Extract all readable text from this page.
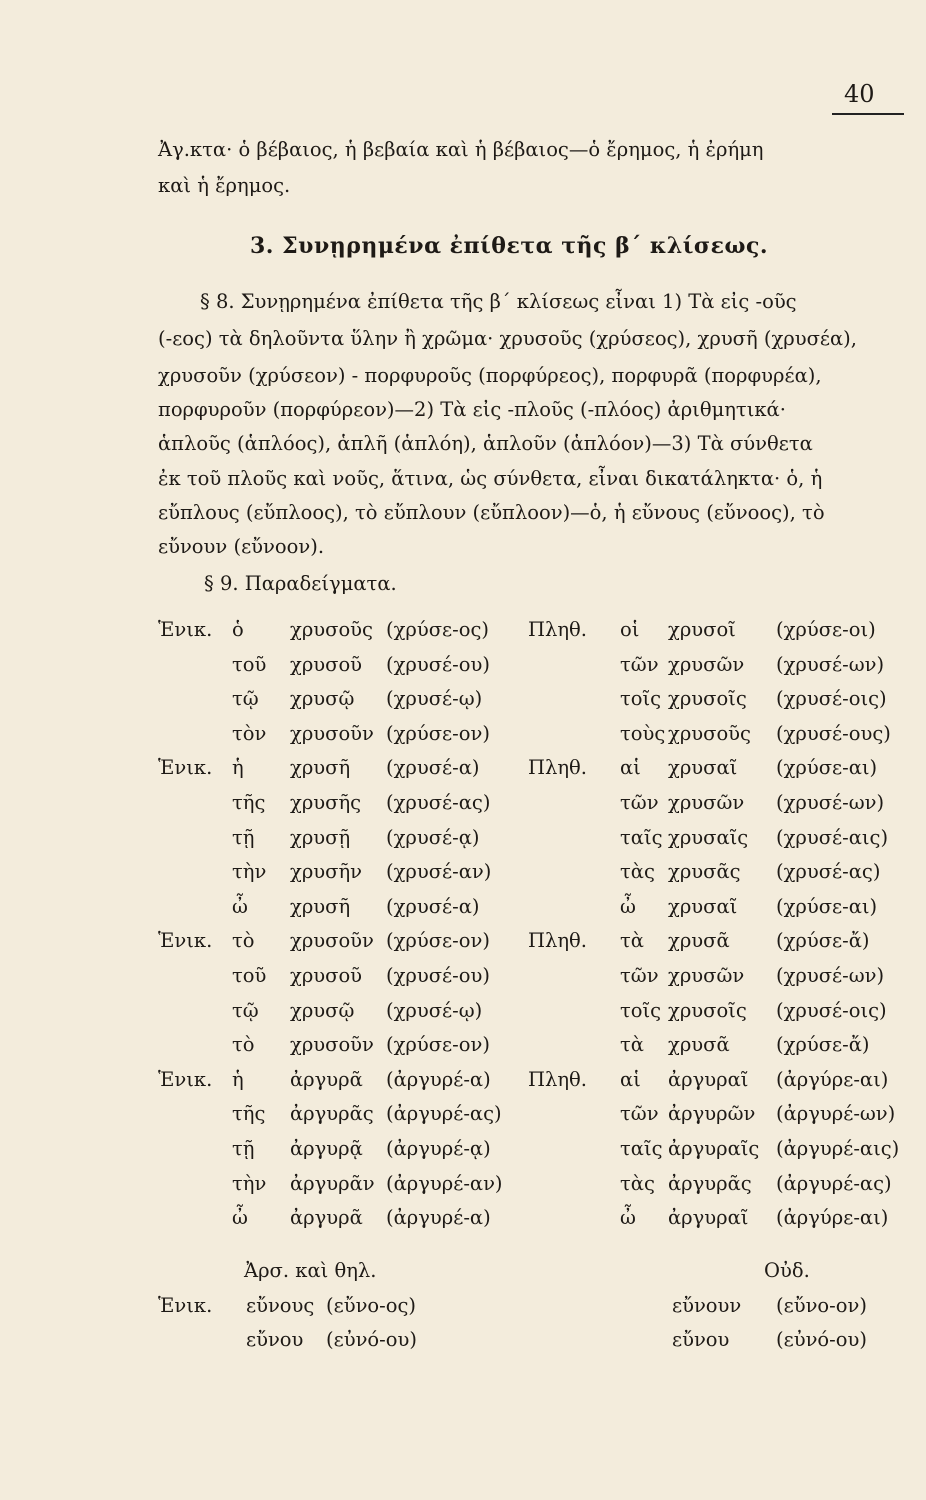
40
Ἀγ.κτα· ὁ βέβαιος, ἡ βεβαία καὶ ἡ βέβαιος—ὁ ἔρημος, ἡ ἐρήμη
καὶ ἡ ἔρημος.
3. Συνῃρημένα ἐπίθετα τῆς β΄ κλίσεως.
§ 8. Συνῃρημένα ἐπίθετα τῆς β΄ κλίσεως εἶναι 1) Τὰ εἰς -οῦς
(-εος) τὰ δηλοῦντα ὕλην ἢ χρῶμα· χρυσοῦς (χρύσεος), χρυσῆ (χρυσέα),
χρυσοῦν (χρύσεον) - πορφυροῦς (πορφύρεος), πορφυρᾶ (πορφυρέα),
πορφυροῦν (πορφύρεον)—2) Τὰ εἰς -πλοῦς (-πλόος) ἀριθμητικά·
ἁπλοῦς (ἁπλόος), ἁπλῆ (ἁπλόη), ἁπλοῦν (ἁπλόον)—3) Τὰ σύνθετα
ἐκ τοῦ πλοῦς καὶ νοῦς, ἅτινα, ὡς σύνθετα, εἶναι δικατάληκτα· ὁ, ἡ
εὔπλους (εὔπλοος), τὸ εὔπλουν (εὔπλοον)—ὁ, ἡ εὔνους (εὔνοος), τὸ
εὔνουν (εὔνοον).
§ 9. Παραδείγματα.
Ἑνικ. ὁ χρυσοῦς (χρύσε-ος) Πληθ. οἱ χρυσοῖ (χρύσε-οι)
τοῦ χρυσοῦ (χρυσέ-ου)	τῶν χρυσῶν (χρυσέ-ων)
τῷ χρυσῷ (χρυσέ-ῳ)	τοῖς χρυσοῖς (χρυσέ-οις)
τὸν χρυσοῦν (χρύσε-ον)	τοὺς χρυσοῦς (χρυσέ-ους)
Ἑνικ. ἡ χρυσῆ (χρυσέ-α) Πληθ. αἱ χρυσαῖ (χρύσε-αι)
τῆς χρυσῆς (χρυσέ-ας)	τῶν χρυσῶν (χρυσέ-ων)
τῇ χρυσῇ (χρυσέ-ᾳ)	ταῖς χρυσαῖς (χρυσέ-αις)
τὴν χρυσῆν (χρυσέ-αν)	τὰς χρυσᾶς (χρυσέ-ας)
ὦ χρυσῆ (χρυσέ-α)	ὦ χρυσαῖ (χρύσε-αι)
Ἑνικ. τὸ χρυσοῦν (χρύσε-ον) Πληθ. τὰ χρυσᾶ (χρύσε-ἄ)
τοῦ χρυσοῦ (χρυσέ-ου)	τῶν χρυσῶν (χρυσέ-ων)
τῷ χρυσῷ (χρυσέ-ῳ)	τοῖς χρυσοῖς (χρυσέ-οις)
τὸ χρυσοῦν (χρύσε-ον)	τὰ χρυσᾶ (χρύσε-ἄ)
Ἑνικ. ἡ ἀργυρᾶ (ἀργυρέ-α) Πληθ. αἱ ἀργυραῖ (ἀργύρε-αι)
τῆς ἀργυρᾶς (ἀργυρέ-ας)	τῶν ἀργυρῶν (ἀργυρέ-ων)
τῇ ἀργυρᾷ (ἀργυρέ-ᾳ)	ταῖς ἀργυραῖς (ἀργυρέ-αις)
τὴν ἀργυρᾶν (ἀργυρέ-αν)	τὰς ἀργυρᾶς (ἀργυρέ-ας)
ὦ ἀργυρᾶ (ἀργυρέ-α)	ὦ ἀργυραῖ (ἀργύρε-αι)
Ἀρσ. καὶ θηλ.	Οὐδ.
Ἑνικ. εὔνους (εὔνο-ος)	εὔνουν (εὔνο-ον)
εὔνου (εὐνό-ου)	εὔνου (εὐνό-ου)
